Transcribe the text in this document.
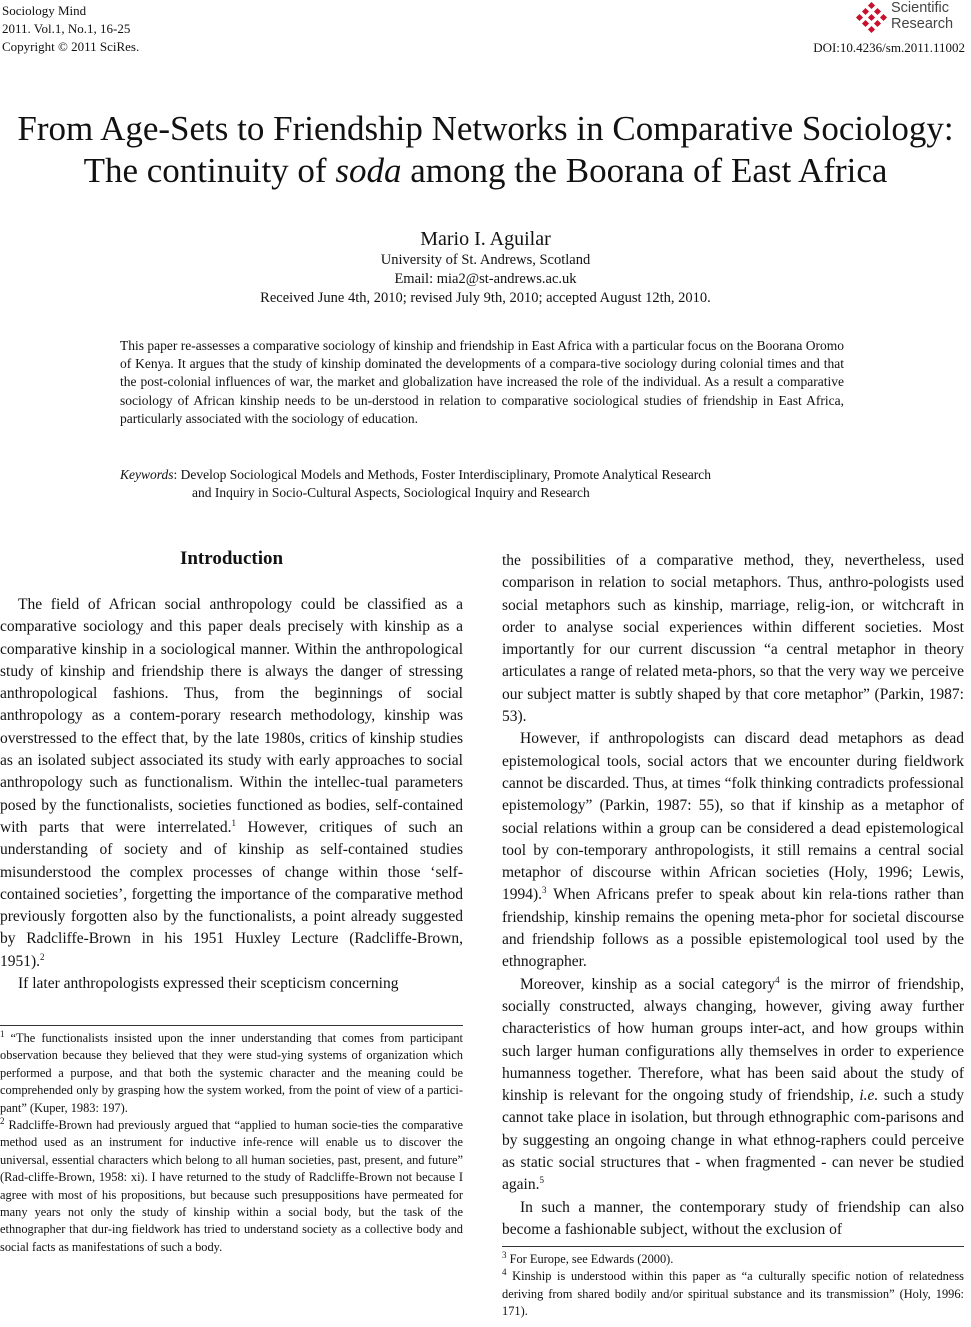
Sociology Mind
2011. Vol.1, No.1, 16-25
Copyright © 2011 SciRes.
Scientific
Research
DOI:10.4236/sm.2011.11002
From Age-Sets to Friendship Networks in Comparative Sociology:
The continuity of soda among the Boorana of East Africa
Mario I. Aguilar
University of St. Andrews, Scotland
Email: mia2@st-andrews.ac.uk
Received June 4th, 2010; revised July 9th, 2010; accepted August 12th, 2010.
This paper re-assesses a comparative sociology of kinship and friendship in East Africa with a particular focus on the Boorana Oromo of Kenya. It argues that the study of kinship dominated the developments of a compara-tive sociology during colonial times and that the post-colonial influences of war, the market and globalization have increased the role of the individual. As a result a comparative sociology of African kinship needs to be un-derstood in relation to comparative sociological studies of friendship in East Africa, particularly associated with the sociology of education.
Keywords: Develop Sociological Models and Methods, Foster Interdisciplinary, Promote Analytical Research
and Inquiry in Socio-Cultural Aspects, Sociological Inquiry and Research
Introduction

The field of African social anthropology could be classified as a comparative sociology and this paper deals precisely with kinship as a comparative kinship in a sociological manner. Within the anthropological study of kinship and friendship there is always the danger of stressing anthropological fashions. Thus, from the beginnings of social anthropology as a contem-porary research methodology, kinship was overstressed to the effect that, by the late 1980s, critics of kinship studies as an isolated subject associated its study with early approaches to social anthropology such as functionalism. Within the intellec-tual parameters posed by the functionalists, societies functioned as bodies, self-contained with parts that were interrelated.$^1$ However, critiques of such an understanding of society and of kinship as self-contained studies misunderstood the complex processes of change within those ‘self-contained societies’, forgetting the importance of the comparative method previously forgotten also by the functionalists, a point already suggested by Radcliffe-Brown in his 1951 Huxley Lecture (Radcliffe-Brown, 1951).$^2$

If later anthropologists expressed their scepticism concerning

$^1$ “The functionalists insisted upon the inner understanding that comes from participant observation because they believed that they were stud-ying systems of organization which performed a purpose, and that both the systemic character and the meaning could be comprehended only by grasping how the system worked, from the point of view of a partici-pant” (Kuper, 1983: 197).

$^2$ Radcliffe-Brown had previously argued that “applied to human socie-ties the comparative method used as an instrument for inductive infe-rence will enable us to discover the universal, essential characters which belong to all human societies, past, present, and future” (Rad-cliffe-Brown, 1958: xi). I have returned to the study of Radcliffe-Brown not because I agree with most of his propositions, but because such presuppositions have permeated for many years not only the study of kinship within a social body, but the task of the ethnographer that dur-ing fieldwork has tried to understand society as a collective body and social facts as manifestations of such a body.

the possibilities of a comparative method, they, nevertheless, used comparison in relation to social metaphors. Thus, anthro-pologists used social metaphors such as kinship, marriage, relig-ion, or witchcraft in order to analyse social experiences within different societies. Most importantly for our current discussion “a central metaphor in theory articulates a range of related meta-phors, so that the very way we perceive our subject matter is subtly shaped by that core metaphor” (Parkin, 1987: 53).

However, if anthropologists can discard dead metaphors as dead epistemological tools, social actors that we encounter during fieldwork cannot be discarded. Thus, at times “folk thinking contradicts professional epistemology” (Parkin, 1987: 55), so that if kinship as a metaphor of social relations within a group can be considered a dead epistemological tool by con-temporary anthropologists, it still remains a central social metaphor of discourse within African societies (Holy, 1996; Lewis, 1994).$^3$ When Africans prefer to speak about kin rela-tions rather than friendship, kinship remains the opening meta-phor for societal discourse and friendship follows as a possible epistemological tool used by the ethnographer.

Moreover, kinship as a social category$^4$ is the mirror of friendship, socially constructed, always changing, however, giving away further characteristics of how human groups inter-act, and how groups within such larger human configurations ally themselves in order to experience humanness together. Therefore, what has been said about the study of kinship is relevant for the ongoing study of friendship, i.e. such a study cannot take place in isolation, but through ethnographic com-parisons and by suggesting an ongoing change in what ethnog-raphers could perceive as static social structures that - when fragmented - can never be studied again.$^5$

In such a manner, the contemporary study of friendship can also become a fashionable subject, without the exclusion of

$^3$ For Europe, see Edwards (2000).

$^4$ Kinship is understood within this paper as “a culturally specific notion of relatedness deriving from shared bodily and/or spiritual substance and its transmission” (Holy, 1996: 171).
